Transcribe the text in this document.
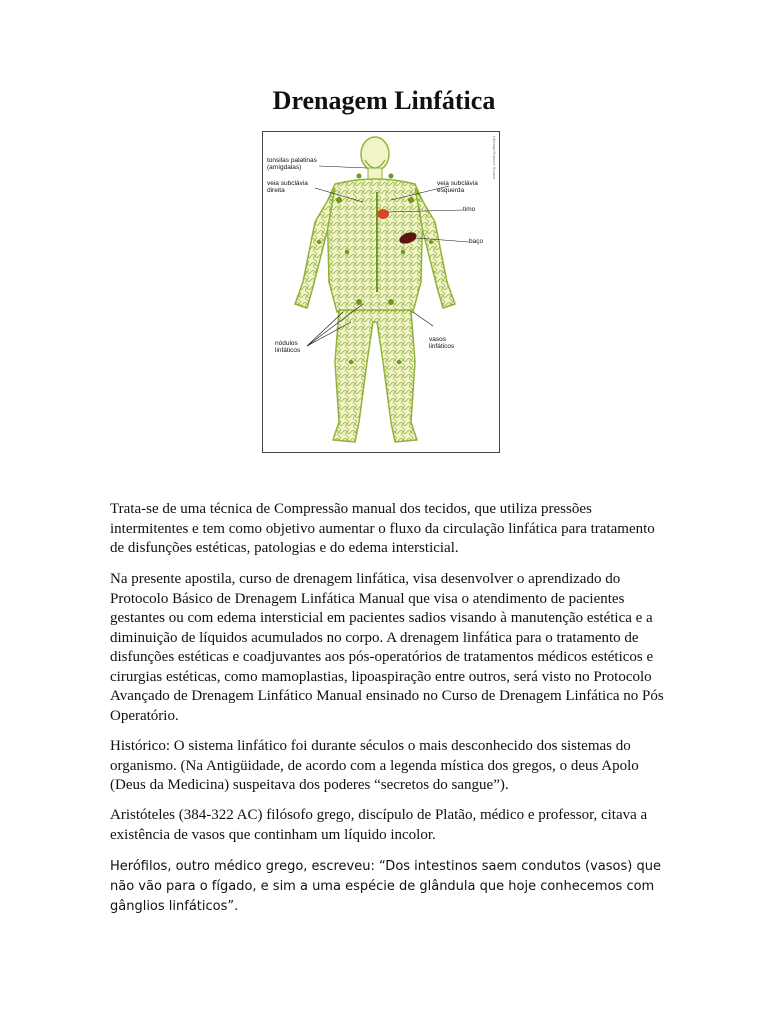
Drenagem Linfática
Lifemap/Science Source
tonsilas palatinas
(amígdalas)
veia subclávia
direita
veia subclávia
esquerda
timo
baço
nódulos
linfáticos
vasos
linfáticos

Trata-se de uma técnica de Compressão manual dos tecidos, que utiliza pressões intermitentes e tem como objetivo aumentar o fluxo da circulação linfática para tratamento de disfunções estéticas, patologias e do edema intersticial.

Na presente apostila, curso de drenagem linfática, visa desenvolver o aprendizado do Protocolo Básico de Drenagem Linfática Manual que visa o atendimento de pacientes gestantes ou com edema intersticial em pacientes sadios visando à manutenção estética e a diminuição de líquidos acumulados no corpo. A drenagem linfática para o tratamento de disfunções estéticas e coadjuvantes aos pós-operatórios de tratamentos médicos estéticos e cirurgias estéticas, como mamoplastias, lipoaspiração entre outros, será visto no Protocolo Avançado de Drenagem Linfático Manual ensinado no Curso de Drenagem Linfática no Pós Operatório.

Histórico: O sistema linfático foi durante séculos o mais desconhecido dos sistemas do organismo. (Na Antigüidade, de acordo com a legenda mística dos gregos, o deus Apolo (Deus da Medicina) suspeitava dos poderes “secretos do sangue”).

Aristóteles (384-322 AC) filósofo grego, discípulo de Platão, médico e professor, citava a existência de vasos que continham um líquido incolor.

Herófilos, outro médico grego, escreveu: “Dos intestinos saem condutos (vasos) que não vão para o fígado, e sim a uma espécie de glândula que hoje conhecemos com gânglios linfáticos”.
